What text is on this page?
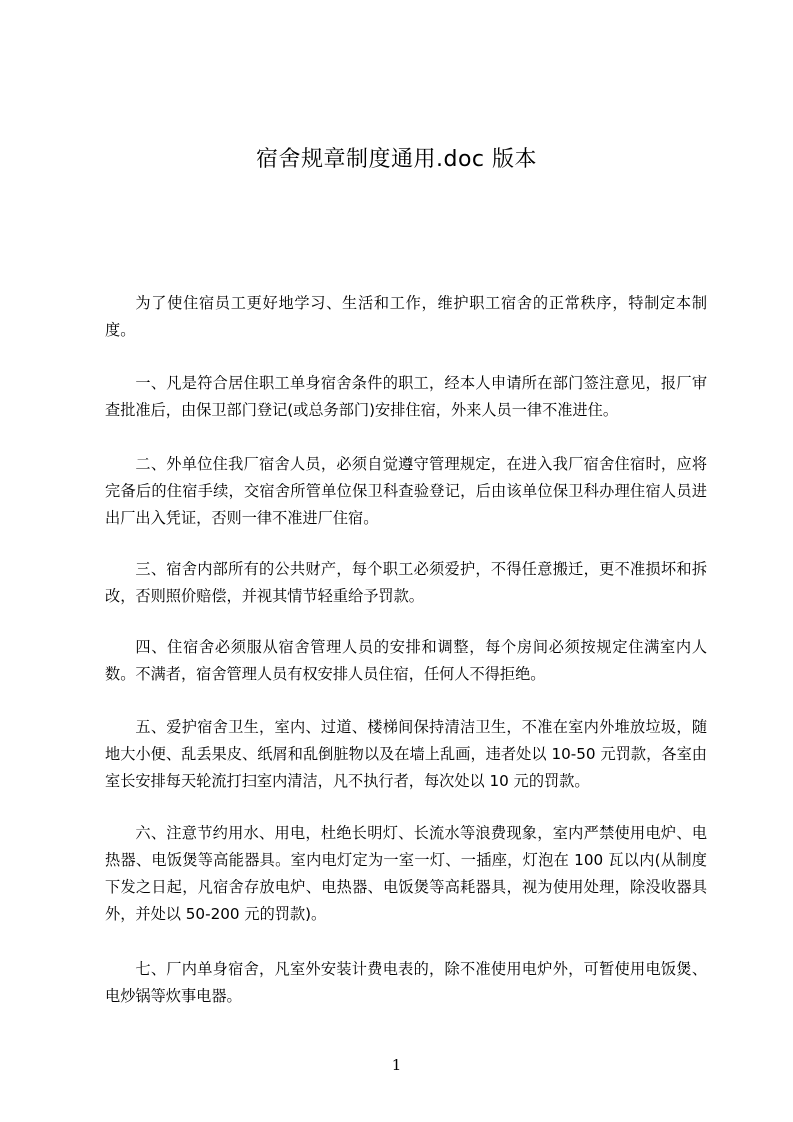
宿舍规章制度通用.doc 版本
为了使住宿员工更好地学习、生活和工作，维护职工宿舍的正常秩序，特制定本制度。
一、凡是符合居住职工单身宿舍条件的职工，经本人申请所在部门签注意见，报厂审查批准后，由保卫部门登记(或总务部门)安排住宿，外来人员一律不准进住。
二、外单位住我厂宿舍人员，必须自觉遵守管理规定，在进入我厂宿舍住宿时，应将完备后的住宿手续，交宿舍所管单位保卫科查验登记，后由该单位保卫科办理住宿人员进出厂出入凭证，否则一律不准进厂住宿。
三、宿舍内部所有的公共财产，每个职工必须爱护，不得任意搬迁，更不准损坏和拆改，否则照价赔偿，并视其情节轻重给予罚款。
四、住宿舍必须服从宿舍管理人员的安排和调整，每个房间必须按规定住满室内人数。不满者，宿舍管理人员有权安排人员住宿，任何人不得拒绝。
五、爱护宿舍卫生，室内、过道、楼梯间保持清洁卫生，不准在室内外堆放垃圾，随地大小便、乱丢果皮、纸屑和乱倒脏物以及在墙上乱画，违者处以 10-50 元罚款，各室由室长安排每天轮流打扫室内清洁，凡不执行者，每次处以 10 元的罚款。
六、注意节约用水、用电，杜绝长明灯、长流水等浪费现象，室内严禁使用电炉、电热器、电饭煲等高能器具。室内电灯定为一室一灯、一插座，灯泡在 100 瓦以内(从制度下发之日起，凡宿舍存放电炉、电热器、电饭煲等高耗器具，视为使用处理，除没收器具外，并处以 50-200 元的罚款)。
七、厂内单身宿舍，凡室外安装计费电表的，除不准使用电炉外，可暂使用电饭煲、电炒锅等炊事电器。
1
